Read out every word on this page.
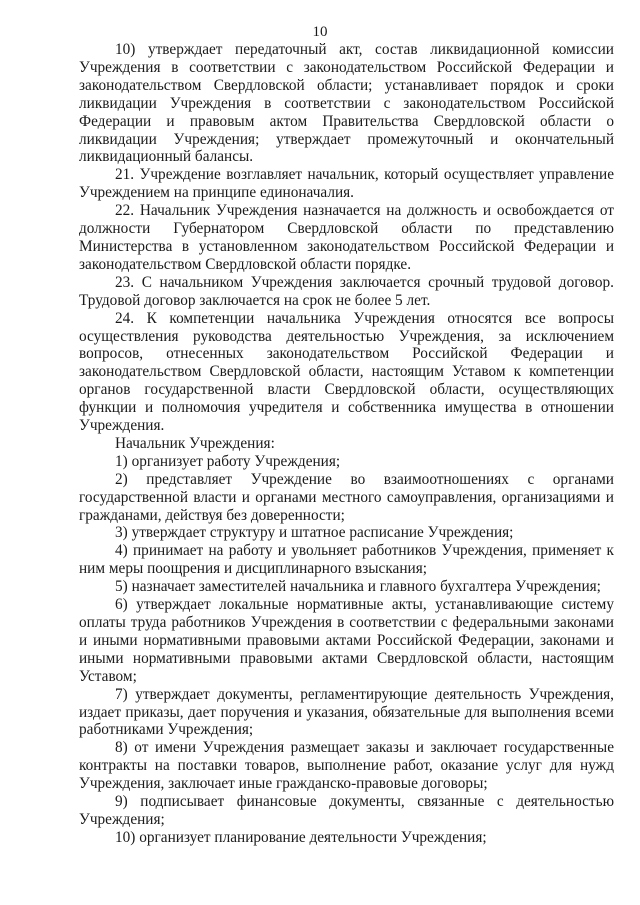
10

10) утверждает передаточный акт, состав ликвидационной комиссии Учреждения в соответствии с законодательством Российской Федерации и законодательством Свердловской области; устанавливает порядок и сроки ликвидации Учреждения в соответствии с законодательством Российской Федерации и правовым актом Правительства Свердловской области о ликвидации Учреждения; утверждает промежуточный и окончательный ликвидационный балансы.

21. Учреждение возглавляет начальник, который осуществляет управление Учреждением на принципе единоначалия.

22. Начальник Учреждения назначается на должность и освобождается от должности Губернатором Свердловской области по представлению Министерства в установленном законодательством Российской Федерации и законодательством Свердловской области порядке.

23. С начальником Учреждения заключается срочный трудовой договор. Трудовой договор заключается на срок не более 5 лет.

24. К компетенции начальника Учреждения относятся все вопросы осуществления руководства деятельностью Учреждения, за исключением вопросов, отнесенных законодательством Российской Федерации и законодательством Свердловской области, настоящим Уставом к компетенции органов государственной власти Свердловской области, осуществляющих функции и полномочия учредителя и собственника имущества в отношении Учреждения.

Начальник Учреждения:

1) организует работу Учреждения;

2) представляет Учреждение во взаимоотношениях с органами государственной власти и органами местного самоуправления, организациями и гражданами, действуя без доверенности;

3) утверждает структуру и штатное расписание Учреждения;

4) принимает на работу и увольняет работников Учреждения, применяет к ним меры поощрения и дисциплинарного взыскания;

5) назначает заместителей начальника и главного бухгалтера Учреждения;

6) утверждает локальные нормативные акты, устанавливающие систему оплаты труда работников Учреждения в соответствии с федеральными законами и иными нормативными правовыми актами Российской Федерации, законами и иными нормативными правовыми актами Свердловской области, настоящим Уставом;

7) утверждает документы, регламентирующие деятельность Учреждения, издает приказы, дает поручения и указания, обязательные для выполнения всеми работниками Учреждения;

8) от имени Учреждения размещает заказы и заключает государственные контракты на поставки товаров, выполнение работ, оказание услуг для нужд Учреждения, заключает иные гражданско-правовые договоры;

9) подписывает финансовые документы, связанные с деятельностью Учреждения;

10) организует планирование деятельности Учреждения;
